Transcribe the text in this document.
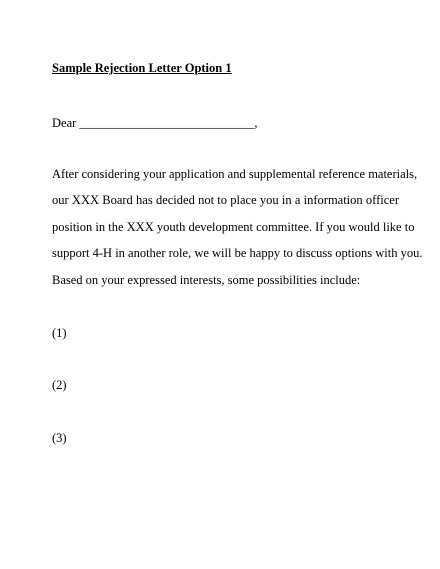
Sample Rejection Letter Option 1
Dear ____________________________,
After considering your application and supplemental reference materials,
our XXX Board has decided not to place you in a information officer
position in the XXX youth development committee. If you would like to
support 4-H in another role, we will be happy to discuss options with you.
Based on your expressed interests, some possibilities include:
(1)
(2)
(3)
